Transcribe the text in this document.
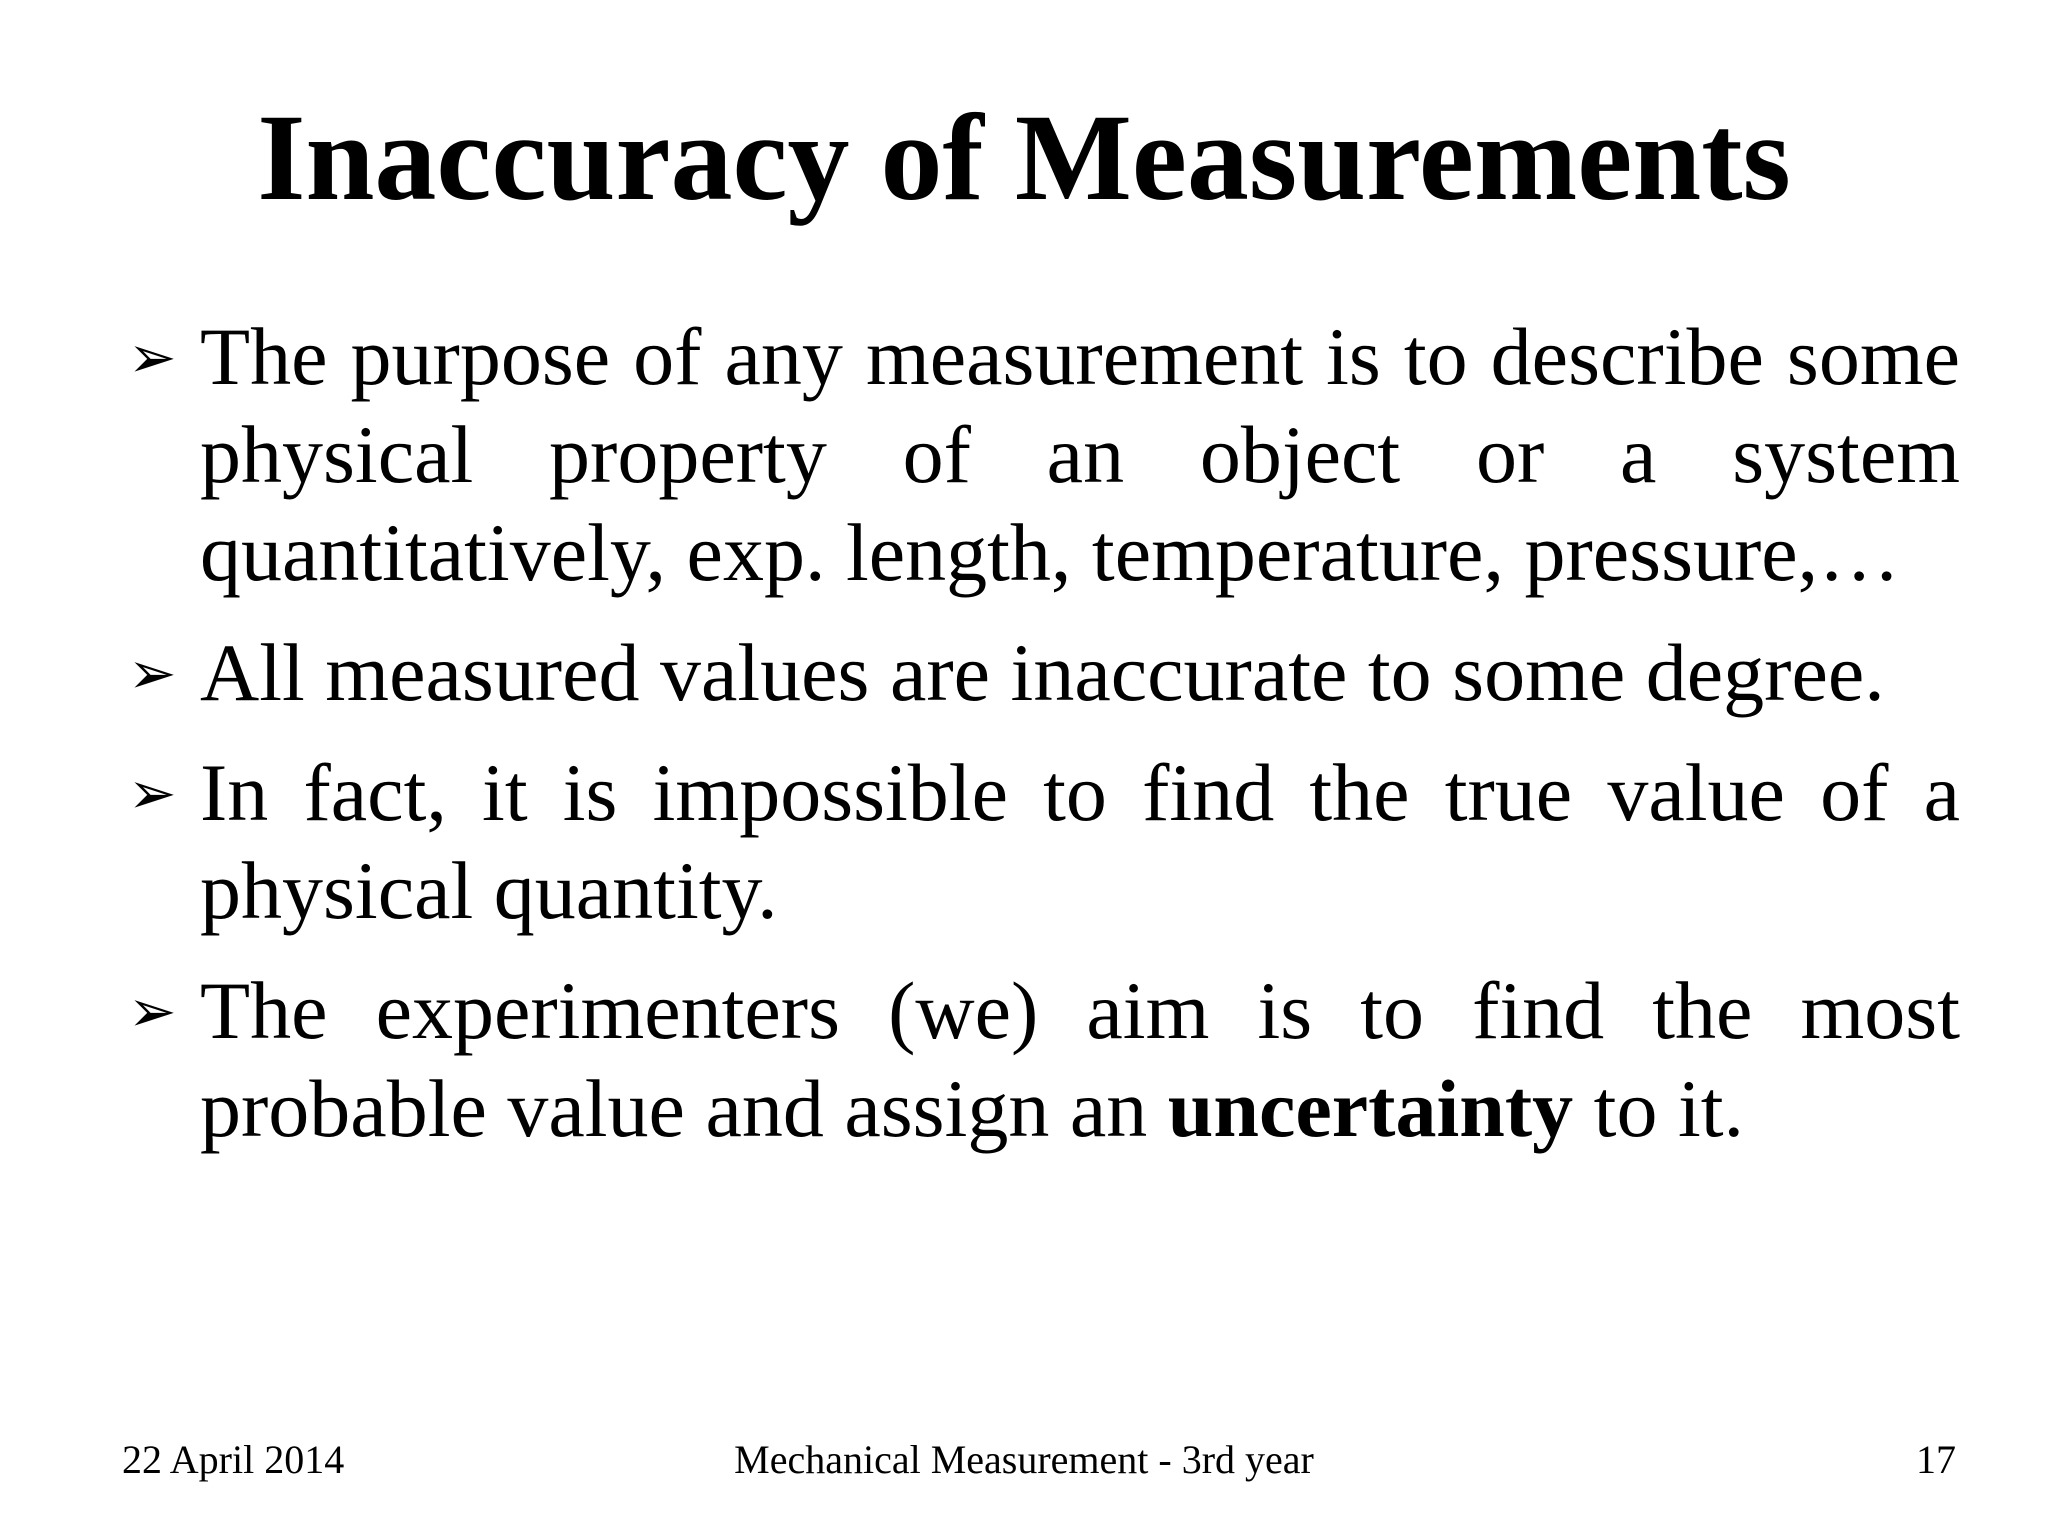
Inaccuracy of Measurements
➢ The purpose of any measurement is to describe some physical property of an object or a system quantitatively, exp. length, temperature, pressure,…
➢ All measured values are inaccurate to some degree.
➢ In fact, it is impossible to find the true value of a physical quantity.
➢ The experimenters (we) aim is to find the most probable value and assign an uncertainty to it.
22 April 2014	Mechanical Measurement - 3rd year	17
